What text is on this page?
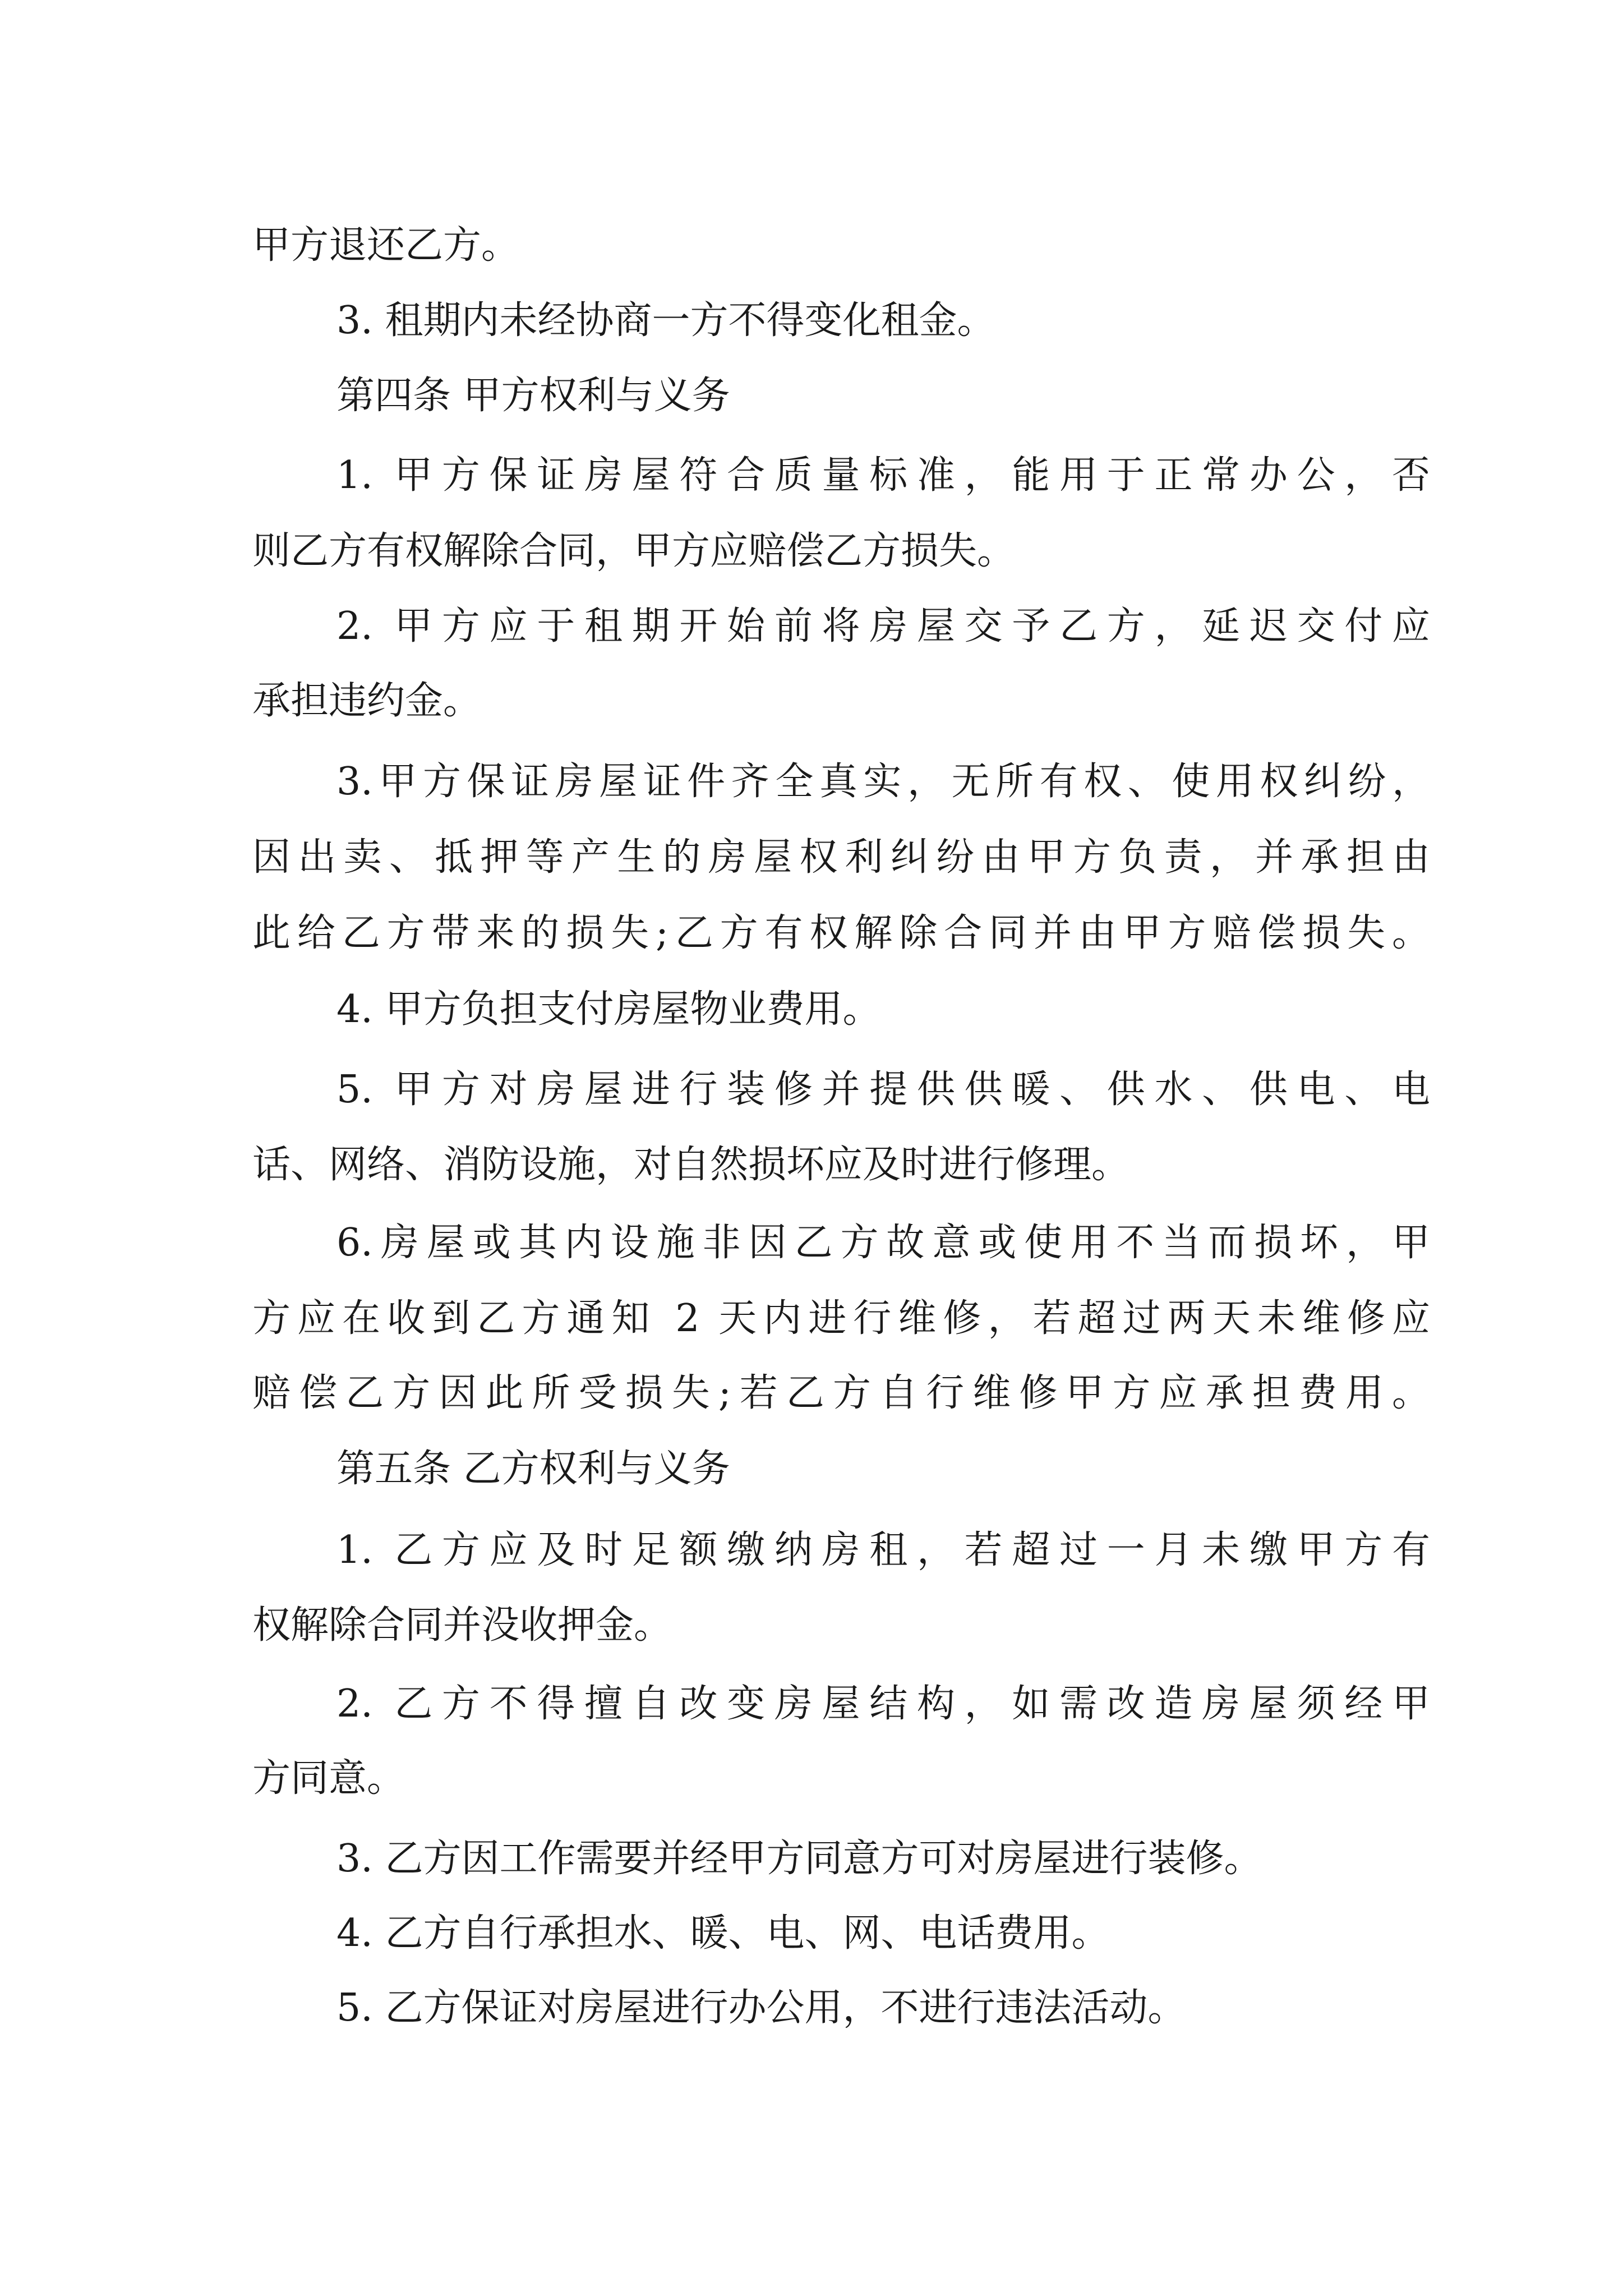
甲方退还乙方。

3. 租期内未经协商一方不得变化租金。

第四条 甲方权利与义务

1. 甲方保证房屋符合质量标准，能用于正常办公，否

则乙方有权解除合同，甲方应赔偿乙方损失。

2. 甲方应于租期开始前将房屋交予乙方，延迟交付应

承担违约金。

3.甲方保证房屋证件齐全真实，无所有权、使用权纠纷，

因出卖、抵押等产生的房屋权利纠纷由甲方负责，并承担由

此给乙方带来的损失;乙方有权解除合同并由甲方赔偿损失。

4. 甲方负担支付房屋物业费用。

5. 甲方对房屋进行装修并提供供暖、供水、供电、电

话、网络、消防设施，对自然损坏应及时进行修理。

6.房屋或其内设施非因乙方故意或使用不当而损坏，甲

方应在收到乙方通知 2 天内进行维修，若超过两天未维修应

赔偿乙方因此所受损失;若乙方自行维修甲方应承担费用。

第五条 乙方权利与义务

1. 乙方应及时足额缴纳房租，若超过一月未缴甲方有

权解除合同并没收押金。

2. 乙方不得擅自改变房屋结构，如需改造房屋须经甲

方同意。

3. 乙方因工作需要并经甲方同意方可对房屋进行装修。

4. 乙方自行承担水、暖、电、网、电话费用。

5. 乙方保证对房屋进行办公用，不进行违法活动。
